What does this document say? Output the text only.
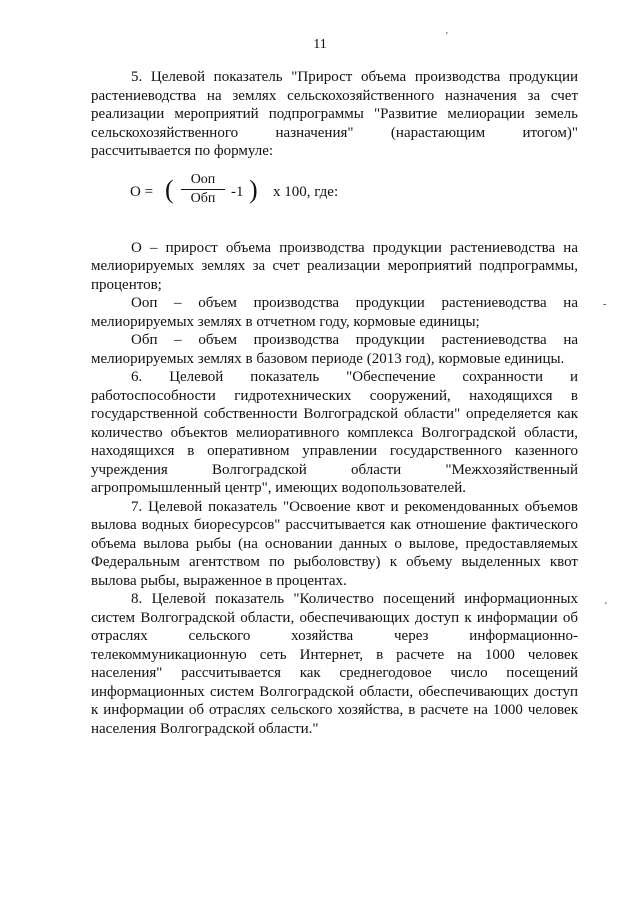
11
'
-
'

5. Целевой показатель "Прирост объема производства продукции растениеводства на землях сельскохозяйственного назначения за счет реализации мероприятий подпрограммы "Развитие мелиорации земель сельскохозяйственного назначения" (нарастающим итогом)" рассчитывается по формуле:

О = (	Ооп
Обп	-1 ) х 100, где:

О – прирост объема производства продукции растениеводства на мелиорируемых землях за счет реализации мероприятий подпрограммы, процентов;

Ооп – объем производства продукции растениеводства на мелиорируемых землях в отчетном году, кормовые единицы;

Обп – объем производства продукции растениеводства на мелиорируемых землях в базовом периоде (2013 год), кормовые единицы.

6. Целевой показатель "Обеспечение сохранности и работоспособности гидротехнических сооружений, находящихся в государственной собственности Волгоградской области" определяется как количество объектов мелиоративного комплекса Волгоградской области, находящихся в оперативном управлении государственного казенного учреждения Волгоградской области "Межхозяйственный агропромышленный центр", имеющих водопользователей.

7. Целевой показатель "Освоение квот и рекомендованных объемов вылова водных биоресурсов" рассчитывается как отношение фактического объема вылова рыбы (на основании данных о вылове, предоставляемых Федеральным агентством по рыболовству) к объему выделенных квот вылова рыбы, выраженное в процентах.

8. Целевой показатель "Количество посещений информационных систем Волгоградской области, обеспечивающих доступ к информации об отраслях сельского хозяйства через информационно-телекоммуникационную сеть Интернет, в расчете на 1000 человек населения" рассчитывается как среднегодовое число посещений информационных систем Волгоградской области, обеспечивающих доступ к информации об отраслях сельского хозяйства, в расчете на 1000 человек населения Волгоградской области."
